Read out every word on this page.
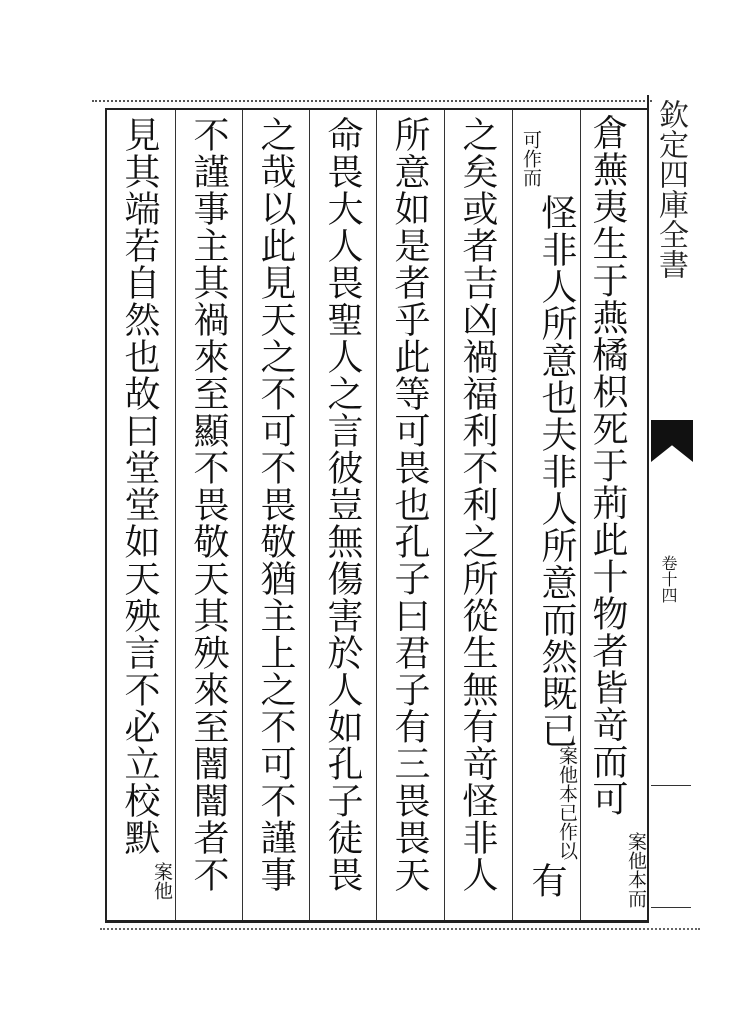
倉蕪夷生于燕橘枳死于荊此十物者皆竒而可
案他本而
可作而
怪非人所意也夫非人所意而然既已
案他本已作以
有
之矣或者吉凶禍福利不利之所從生無有竒怪非人
所意如是者乎此等可畏也孔子曰君子有三畏畏天
命畏大人畏聖人之言彼豈無傷害於人如孔子徒畏
之哉以此見天之不可不畏敬猶主上之不可不謹事
不謹事主其禍來至顯不畏敬天其殃來至闇闇者不
見其端若自然也故曰堂堂如天殃言不必立校默
案他
欽定四庫全書
卷十四
